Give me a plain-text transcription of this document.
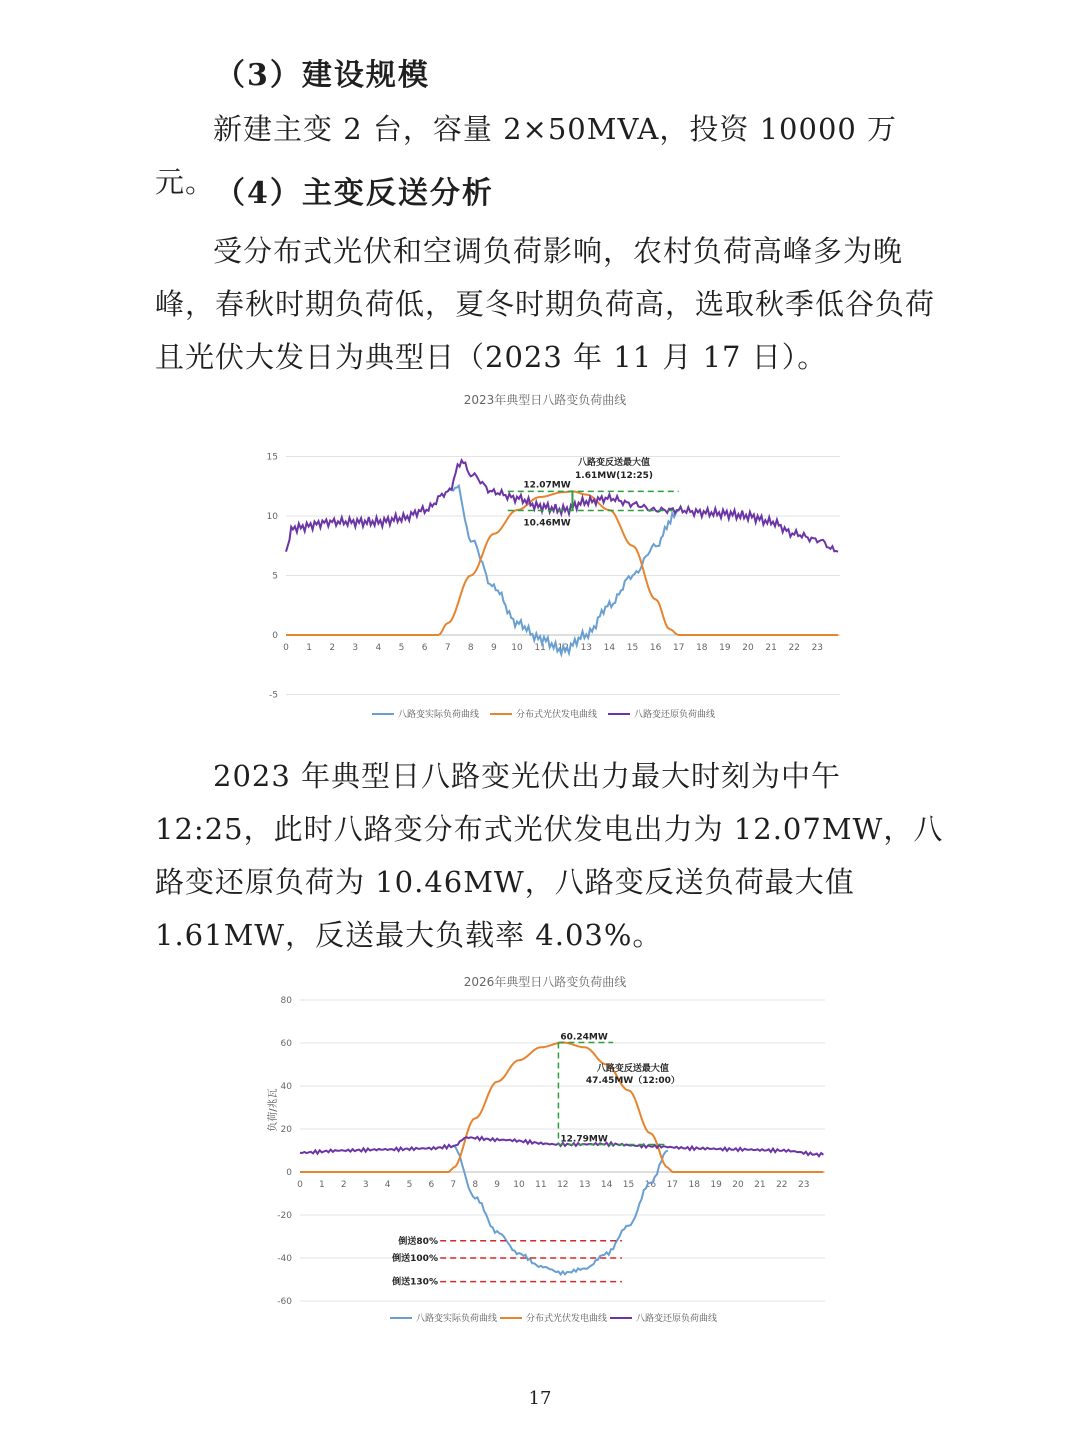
（3）建设规模
新建主变 2 台，容量 2×50MVA，投资 10000 万元。 （4）主变反送分析
受分布式光伏和空调负荷影响，农村负荷高峰多为晚峰，春秋时期负荷低，夏冬时期负荷高，选取秋季低谷负荷且光伏大发日为典型日（2023 年 11 月 17 日）。
2023年典型日八路变负荷曲线
15
10
5
0
-5
0 1 2 3 4 5 6 7 8 9 10 11 12 13 14 15 16 17 18 19 20 21 22 23
八路变反送最大值
1.61MW(12:25)
12.07MW
10.46MW
八路变实际负荷曲线	分布式光伏发电曲线	八路变还原负荷曲线
2023 年典型日八路变光伏出力最大时刻为中午 12:25，此时八路变分布式光伏发电出力为 12.07MW，八路变还原负荷为 10.46MW，八路变反送负荷最大值 1.61MW，反送最大负载率 4.03%。
2026年典型日八路变负荷曲线
负荷/兆瓦
80
60
40
20
0
-20
-40
-60
0 1 2 3 4 5 6 7 8 9 10 11 12 13 14 15 16 17 18 19 20 21 22 23
60.24MW
八路变反送最大值
47.45MW（12:00）
12.79MW
倒送80%
倒送100%
倒送130%
八路变实际负荷曲线	分布式光伏发电曲线	八路变还原负荷曲线
17
